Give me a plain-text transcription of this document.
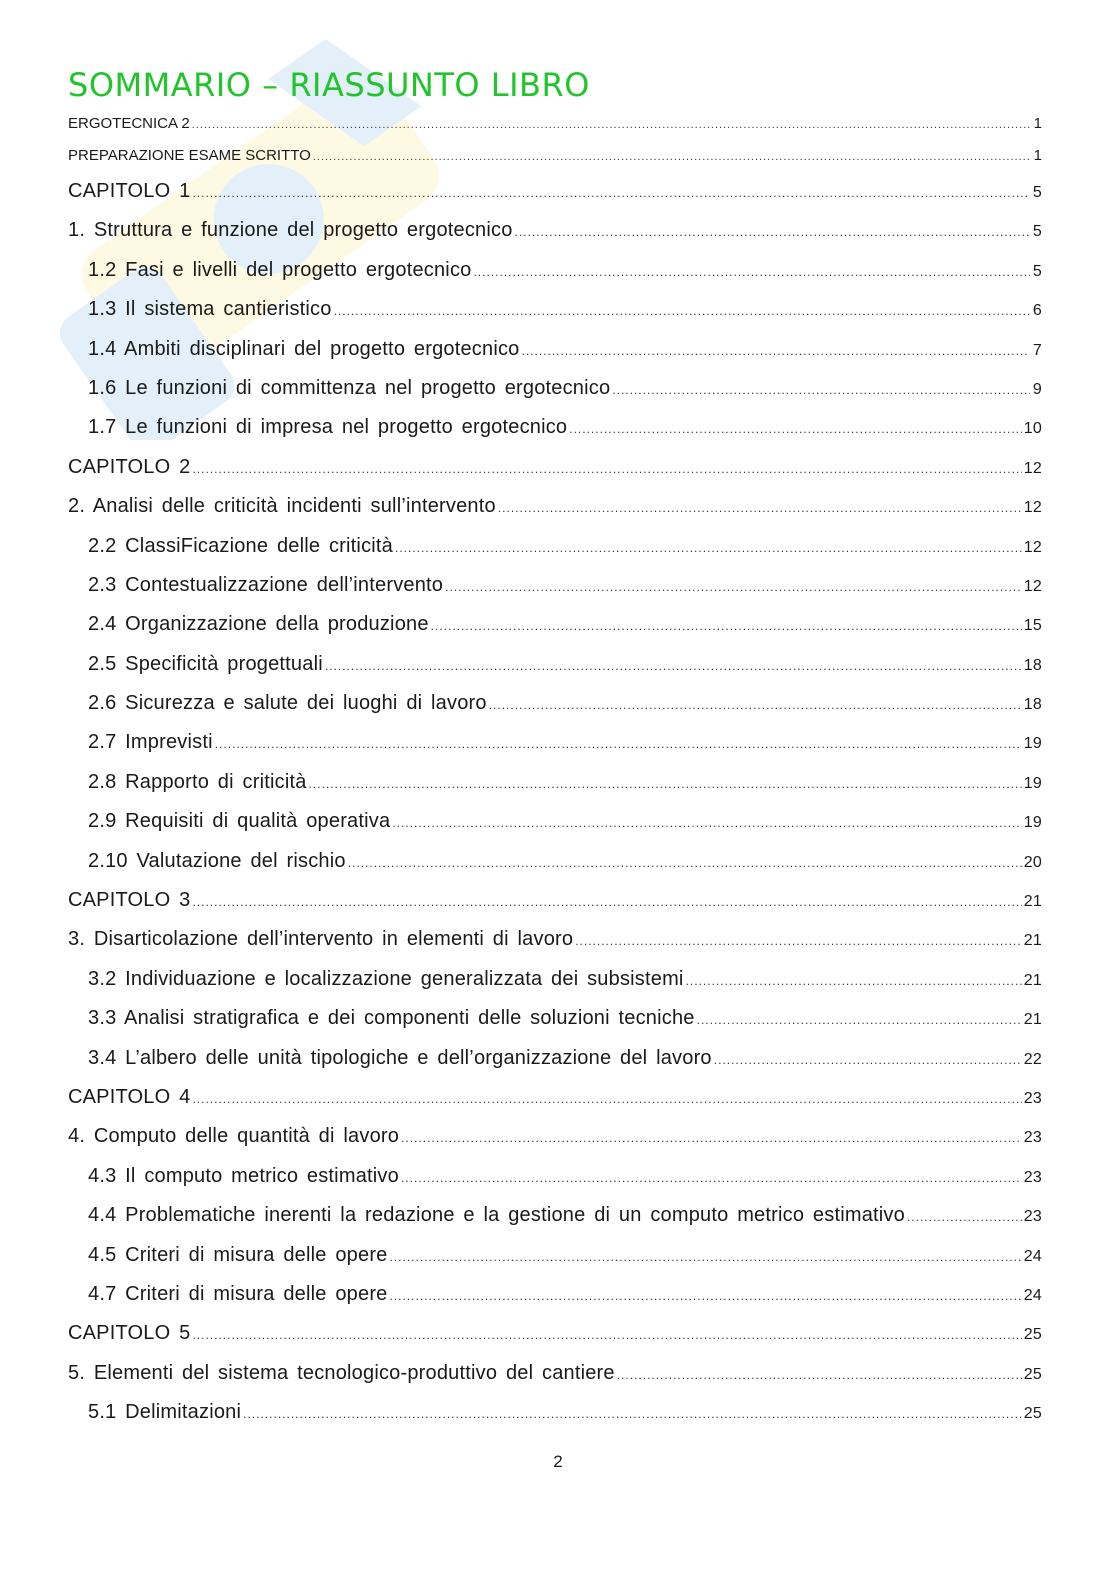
SOMMARIO – RIASSUNTO LIBRO
ERGOTECNICA 2 .....	1
PREPARAZIONE ESAME SCRITTO .....	1
CAPITOLO 1 .....	5
1. Struttura e funzione del progetto ergotecnico .....	5
1.2 Fasi e livelli del progetto ergotecnico .....	5
1.3 Il sistema cantieristico .....	6
1.4 Ambiti disciplinari del progetto ergotecnico .....	7
1.6 Le funzioni di committenza nel progetto ergotecnico .....	9
1.7 Le funzioni di impresa nel progetto ergotecnico .....	10
CAPITOLO 2 .....	12
2. Analisi delle criticità incidenti sull’intervento .....	12
2.2 ClassiFicazione delle criticità .....	12
2.3 Contestualizzazione dell’intervento .....	12
2.4 Organizzazione della produzione .....	15
2.5 Specificità progettuali .....	18
2.6 Sicurezza e salute dei luoghi di lavoro .....	18
2.7 Imprevisti .....	19
2.8 Rapporto di criticità .....	19
2.9 Requisiti di qualità operativa .....	19
2.10 Valutazione del rischio .....	20
CAPITOLO 3 .....	21
3. Disarticolazione dell’intervento in elementi di lavoro .....	21
3.2 Individuazione e localizzazione generalizzata dei subsistemi .....	21
3.3 Analisi stratigrafica e dei componenti delle soluzioni tecniche .....	21
3.4 L’albero delle unità tipologiche e dell’organizzazione del lavoro .....	22
CAPITOLO 4 .....	23
4. Computo delle quantità di lavoro .....	23
4.3 Il computo metrico estimativo .....	23
4.4 Problematiche inerenti la redazione e la gestione di un computo metrico estimativo .....	23
4.5 Criteri di misura delle opere .....	24
4.7 Criteri di misura delle opere .....	24
CAPITOLO 5 .....	25
5. Elementi del sistema tecnologico-produttivo del cantiere .....	25
5.1 Delimitazioni .....	25
2
